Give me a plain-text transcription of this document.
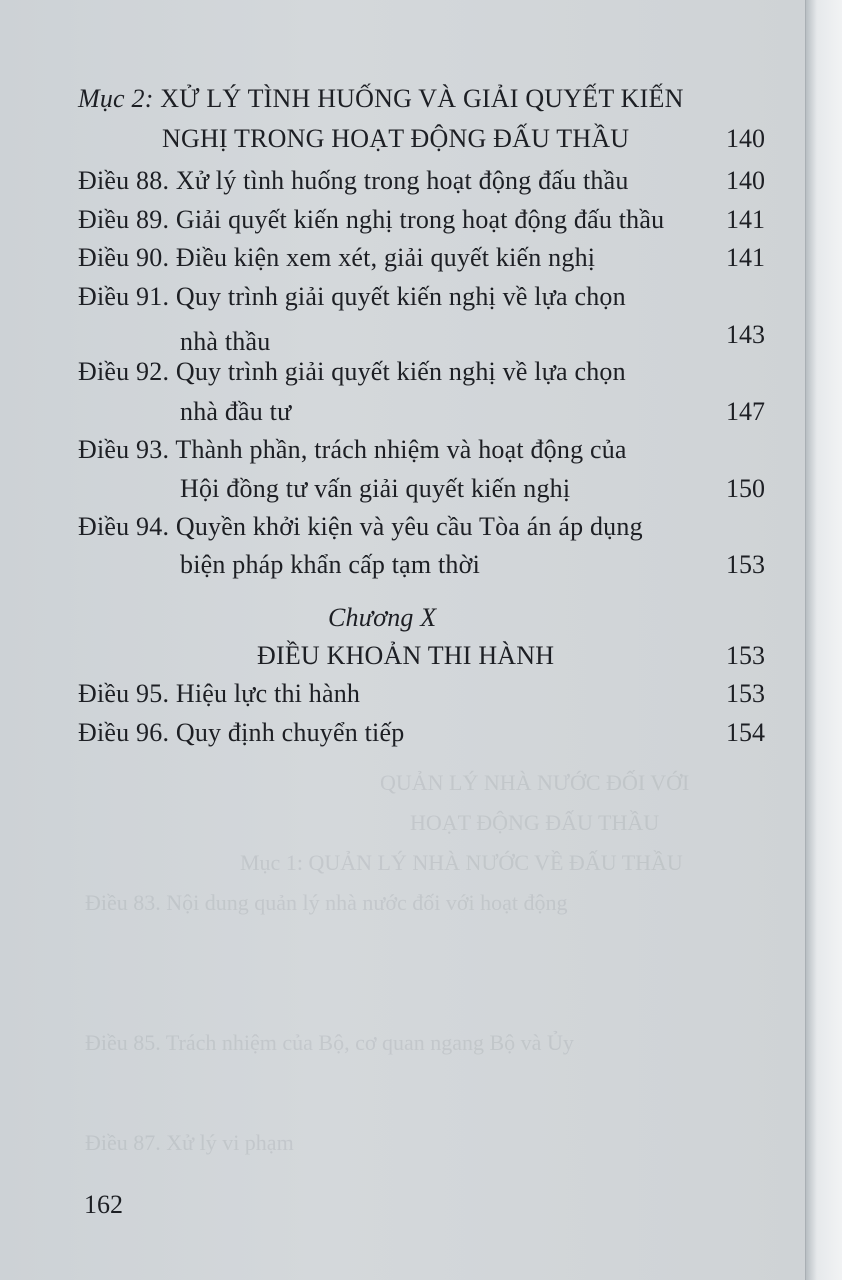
QUẢN LÝ NHÀ NƯỚC ĐỐI VỚI
HOẠT ĐỘNG ĐẤU THẦU
Mục 1: QUẢN LÝ NHÀ NƯỚC VỀ ĐẤU THẦU
Điều 83. Nội dung quản lý nhà nước đối với hoạt động
Điều 85. Trách nhiệm của Bộ, cơ quan ngang Bộ và Ủy
Điều 87. Xử lý vi phạm
Mục 2: XỬ LÝ TÌNH HUỐNG VÀ GIẢI QUYẾT KIẾN
NGHỊ TRONG HOẠT ĐỘNG ĐẤU THẦU	140
Điều 88. Xử lý tình huống trong hoạt động đấu thầu	140
Điều 89. Giải quyết kiến nghị trong hoạt động đấu thầu	141
Điều 90. Điều kiện xem xét, giải quyết kiến nghị	141
Điều 91. Quy trình giải quyết kiến nghị về lựa chọn
nhà thầu	143
Điều 92. Quy trình giải quyết kiến nghị về lựa chọn
nhà đầu tư	147
Điều 93. Thành phần, trách nhiệm và hoạt động của
Hội đồng tư vấn giải quyết kiến nghị	150
Điều 94. Quyền khởi kiện và yêu cầu Tòa án áp dụng
biện pháp khẩn cấp tạm thời	153
Chương X
ĐIỀU KHOẢN THI HÀNH	153
Điều 95. Hiệu lực thi hành	153
Điều 96. Quy định chuyển tiếp	154
162
